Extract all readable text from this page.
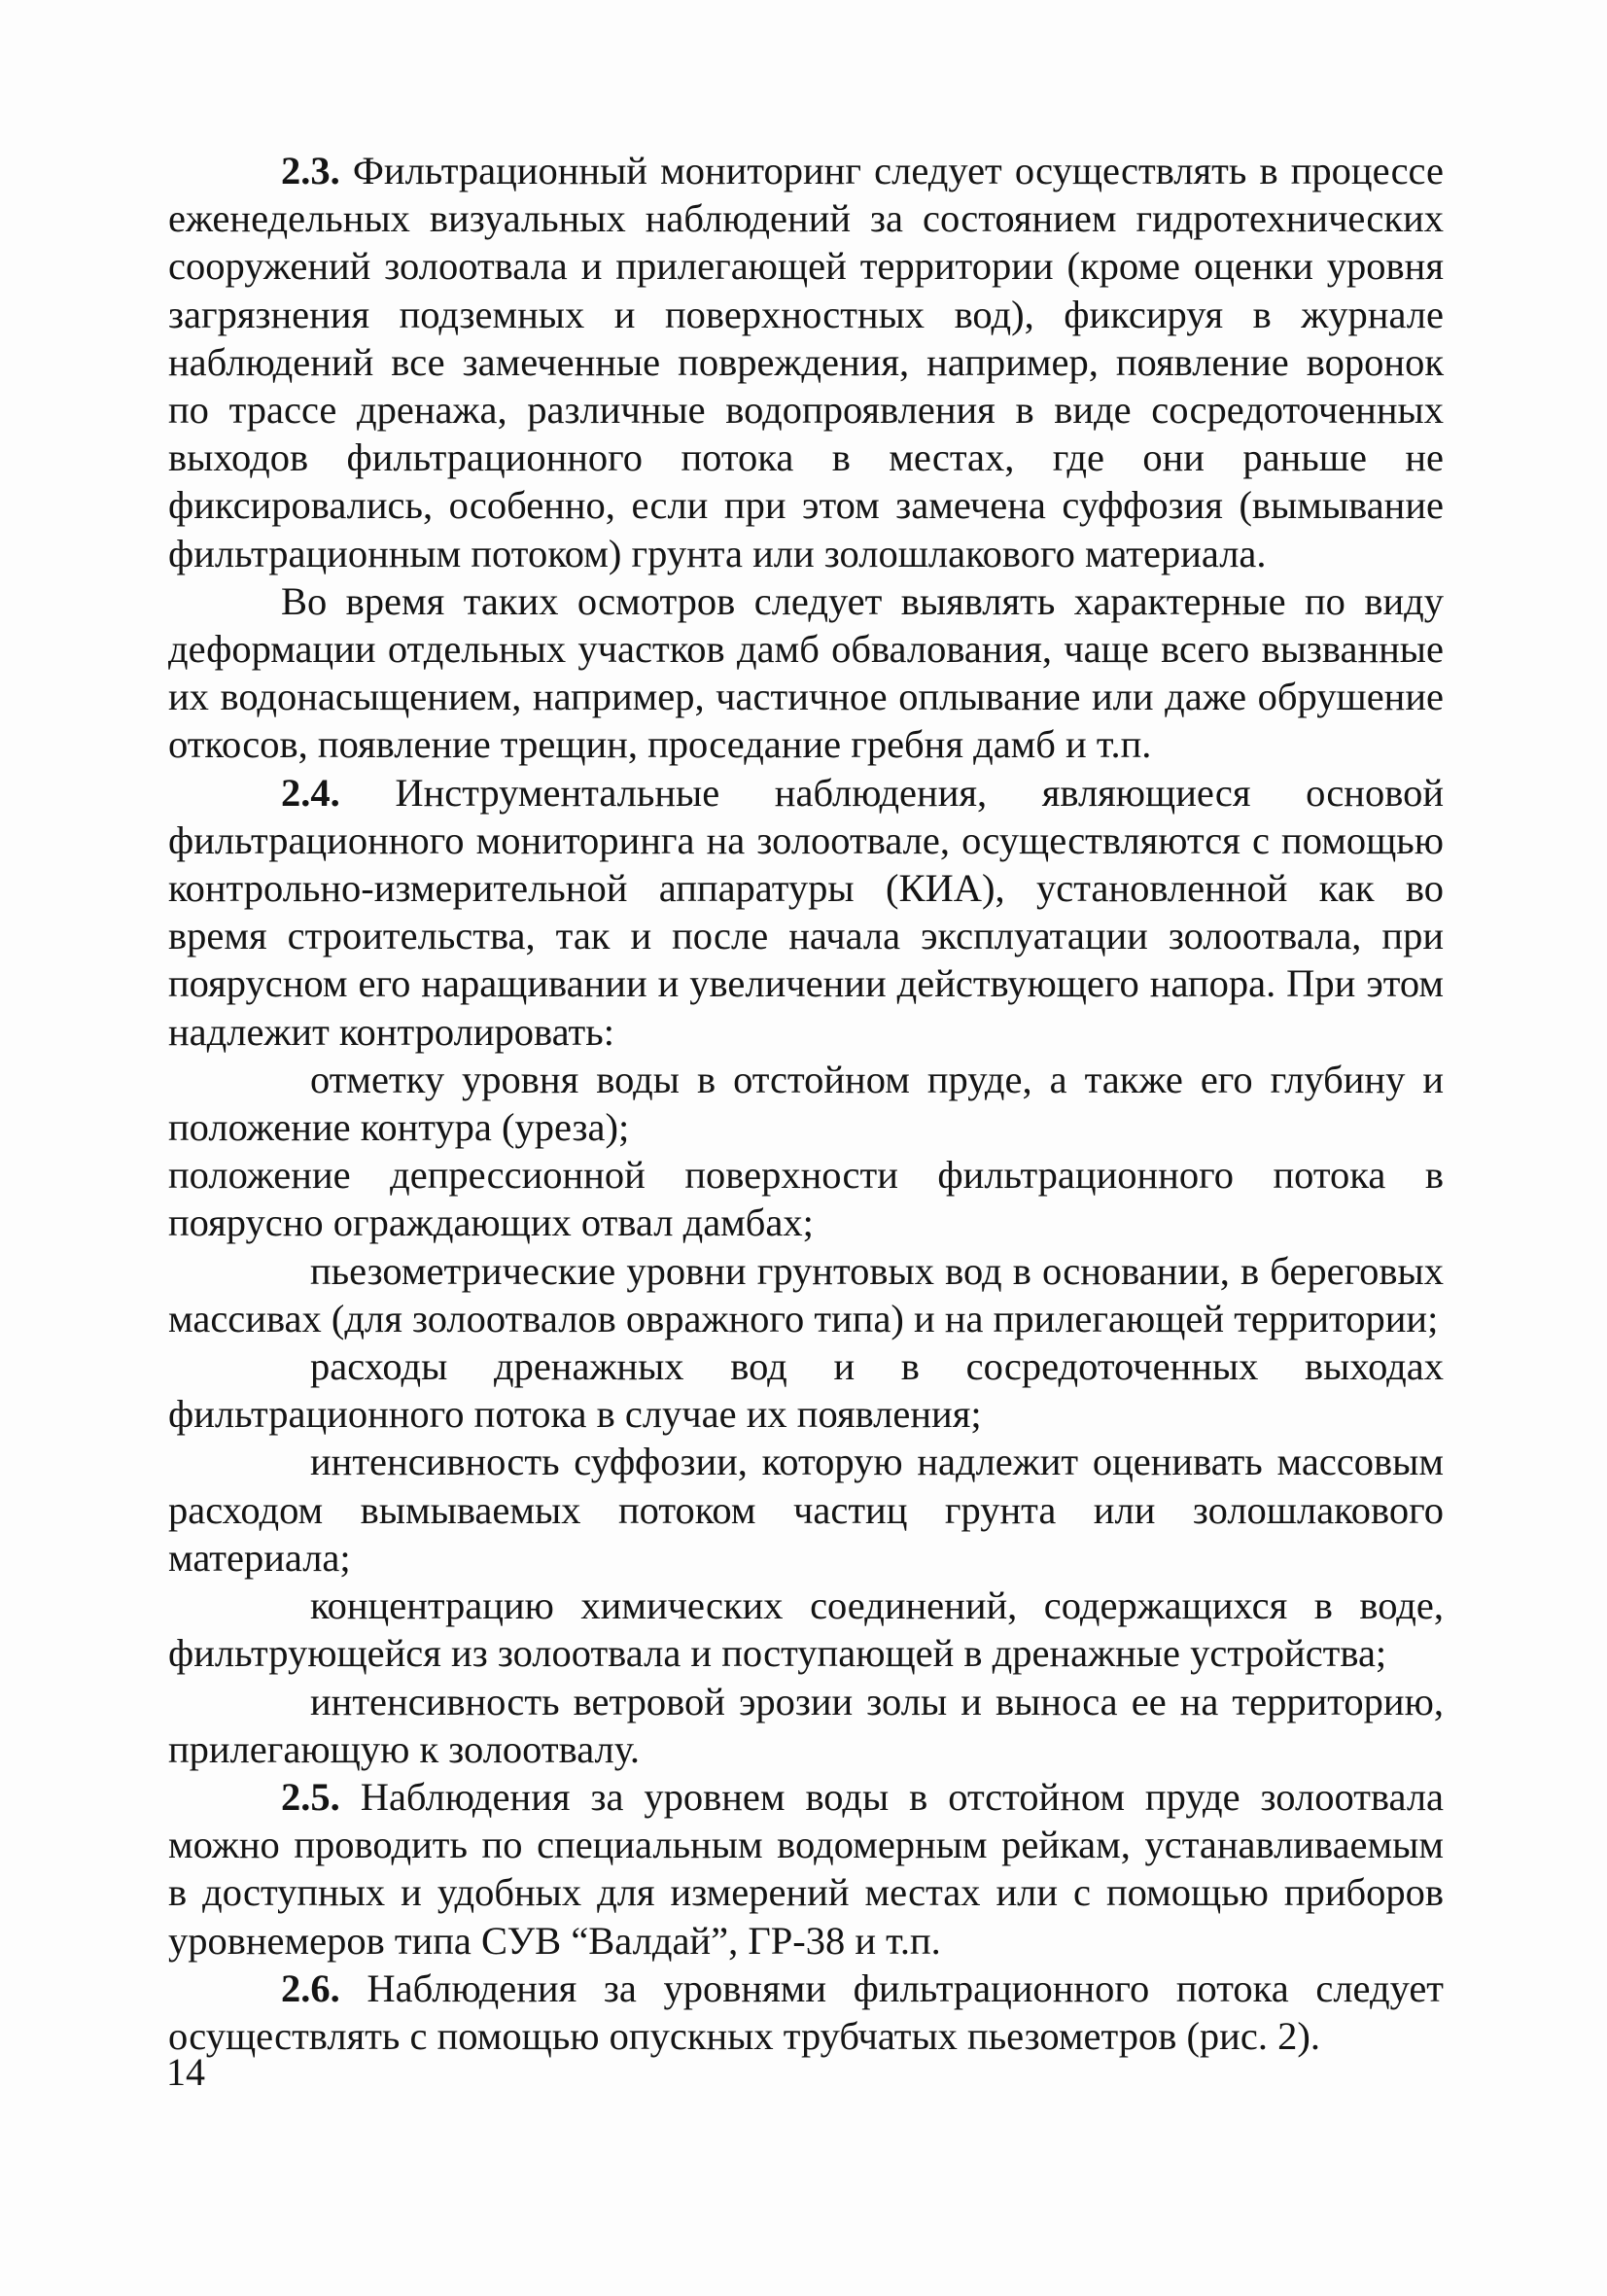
2.3. Фильтрационный мониторинг следует осуществлять в процессе еженедельных визуальных наблюдений за состоянием гидротехнических сооружений золоотвала и прилегающей территории (кроме оценки уровня загрязнения подземных и поверхностных вод), фиксируя в журнале наблюдений все замеченные повреждения, например, появление воронок по трассе дренажа, различные водопроявления в виде сосредоточенных выходов фильтрационного потока в местах, где они раньше не фиксировались, особенно, если при этом замечена суффозия (вымывание фильтрационным потоком) грунта или золошлакового материала.

Во время таких осмотров следует выявлять характерные по виду деформации отдельных участков дамб обвалования, чаще всего вызванные их водонасыщением, например, частичное оплывание или даже обрушение откосов, появление трещин, проседание гребня дамб и т.п.

2.4. Инструментальные наблюдения, являющиеся основой фильтрационного мониторинга на золоотвале, осуществляются с помощью контрольно-измерительной аппаратуры (КИА), установленной как во время строительства, так и после начала эксплуатации золоотвала, при поярусном его наращивании и увеличении действующего напора. При этом надлежит контролировать:

отметку уровня воды в отстойном пруде, а также его глубину и положение контура (уреза);

положение депрессионной поверхности фильтрационного потока в поярусно ограждающих отвал дамбах;

пьезометрические уровни грунтовых вод в основании, в береговых массивах (для золоотвалов овражного типа) и на прилегающей территории;

расходы дренажных вод и в сосредоточенных выходах фильтрационного потока в случае их появления;

интенсивность суффозии, которую надлежит оценивать массовым расходом вымываемых потоком частиц грунта или золошлакового материала;

концентрацию химических соединений, содержащихся в воде, фильтрующейся из золоотвала и поступающей в дренажные устройства;

интенсивность ветровой эрозии золы и выноса ее на территорию, прилегающую к золоотвалу.

2.5. Наблюдения за уровнем воды в отстойном пруде золоотвала можно проводить по специальным водомерным рейкам, устанавливаемым в доступных и удобных для измерений местах или с помощью приборов уровнемеров типа СУВ “Валдай”, ГР-38 и т.п.

2.6. Наблюдения за уровнями фильтрационного потока следует осуществлять с помощью опускных трубчатых пьезометров (рис. 2).

14
